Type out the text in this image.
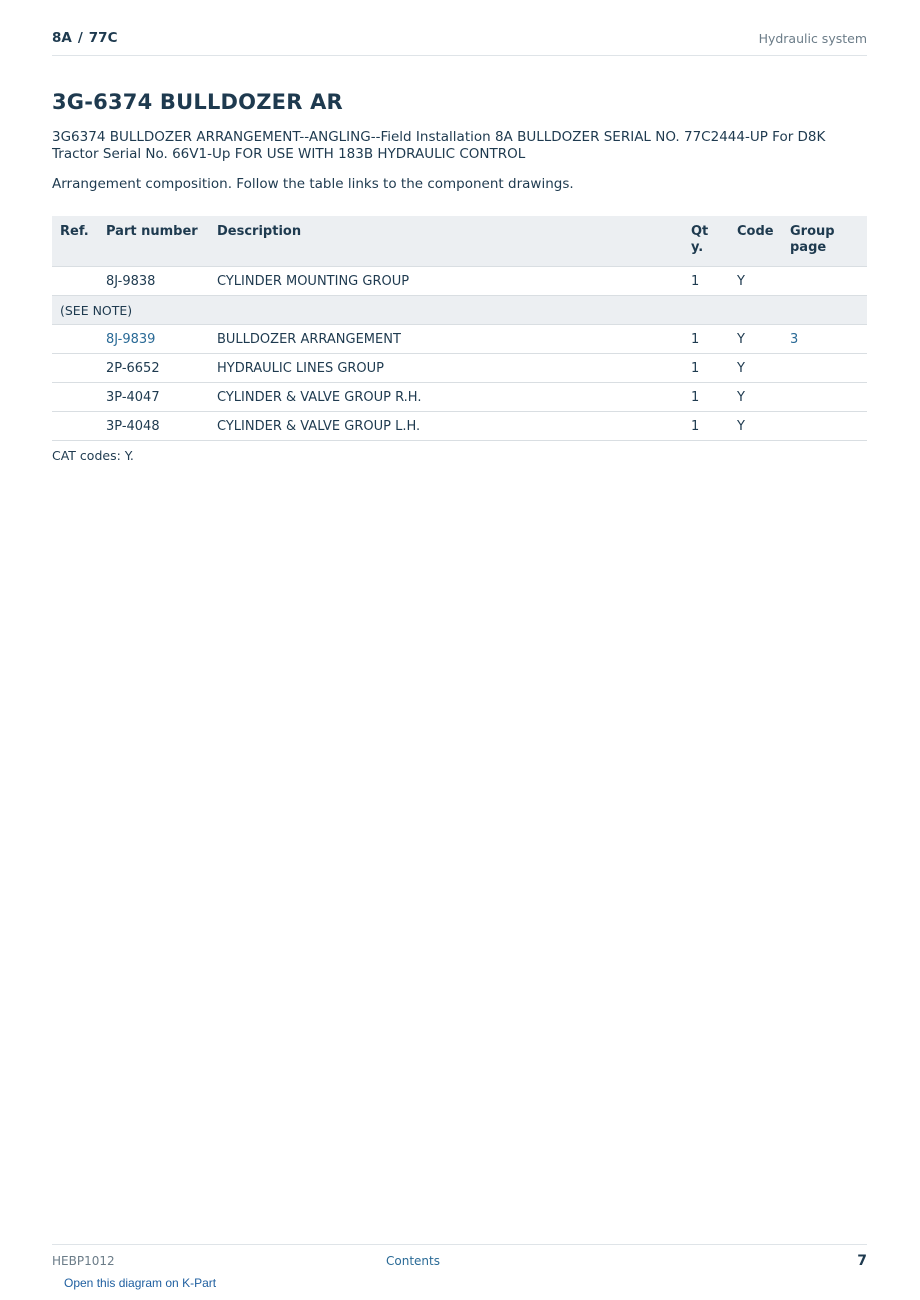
8A / 77C	Hydraulic system
3G-6374 BULLDOZER AR

3G6374 BULLDOZER ARRANGEMENT--ANGLING--Field Installation 8A BULLDOZER SERIAL NO. 77C2444-UP For D8K Tractor Serial No. 66V1-Up FOR USE WITH 183B HYDRAULIC CONTROL

Arrangement composition. Follow the table links to the component drawings.

Ref.	Part number	Description	Qty.	Code	Group page
	8J-9838	CYLINDER MOUNTING GROUP	1	Y	
(SEE NOTE)					
	8J-9839	BULLDOZER ARRANGEMENT	1	Y	3
	2P-6652	HYDRAULIC LINES GROUP	1	Y	
	3P-4047	CYLINDER & VALVE GROUP R.H.	1	Y	
	3P-4048	CYLINDER & VALVE GROUP L.H.	1	Y	
CAT codes: Y.
HEBP1012	Contents	7
Open this diagram on K-Part
